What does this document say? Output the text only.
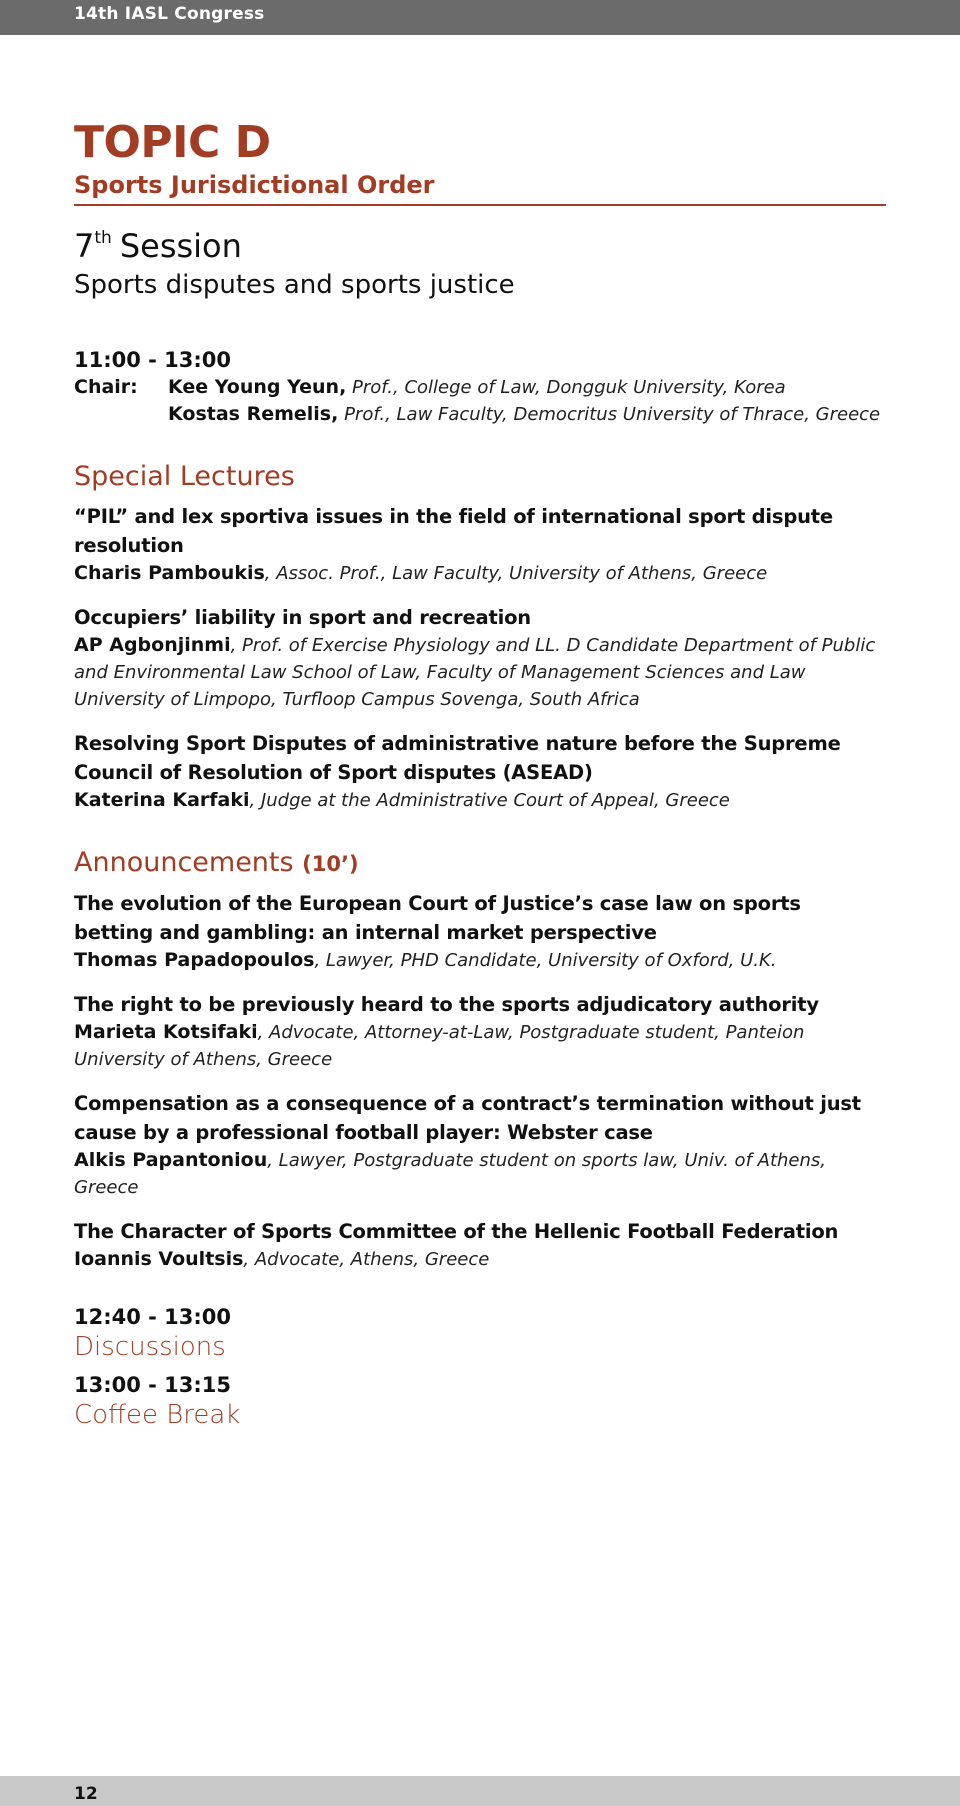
14th IASL Congress
TOPIC D
Sports Jurisdictional Order
7th Session
Sports disputes and sports justice
11:00 - 13:00
Chair:	Kee Young Yeun, Prof., College of Law, Dongguk University, Korea
Kostas Remelis, Prof., Law Faculty, Democritus University of Thrace, Greece
Special Lectures
“PIL” and lex sportiva issues in the field of international sport dispute resolution
Charis Pamboukis, Assoc. Prof., Law Faculty, University of Athens, Greece
Occupiers’ liability in sport and recreation
AP Agbonjinmi, Prof. of Exercise Physiology and LL. D Candidate Department of Public and Environmental Law School of Law, Faculty of Management Sciences and Law University of Limpopo, Turfloop Campus Sovenga, South Africa
Resolving Sport Disputes of administrative nature before the Supreme Council of Resolution of Sport disputes (ASEAD)
Katerina Karfaki, Judge at the Administrative Court of Appeal, Greece
Announcements (10’)
The evolution of the European Court of Justice’s case law on sports betting and gambling: an internal market perspective
Thomas Papadopoulos, Lawyer, PHD Candidate, University of Oxford, U.K.
The right to be previously heard to the sports adjudicatory authority
Marieta Kotsifaki, Advocate, Attorney-at-Law, Postgraduate student, Panteion University of Athens, Greece
Compensation as a consequence of a contract’s termination without just cause by a professional football player: Webster case
Alkis Papantoniou, Lawyer, Postgraduate student on sports law, Univ. of Athens, Greece
The Character of Sports Committee of the Hellenic Football Federation
Ioannis Voultsis, Advocate, Athens, Greece
12:40 - 13:00
Discussions
13:00 - 13:15
Coffee Break
12
